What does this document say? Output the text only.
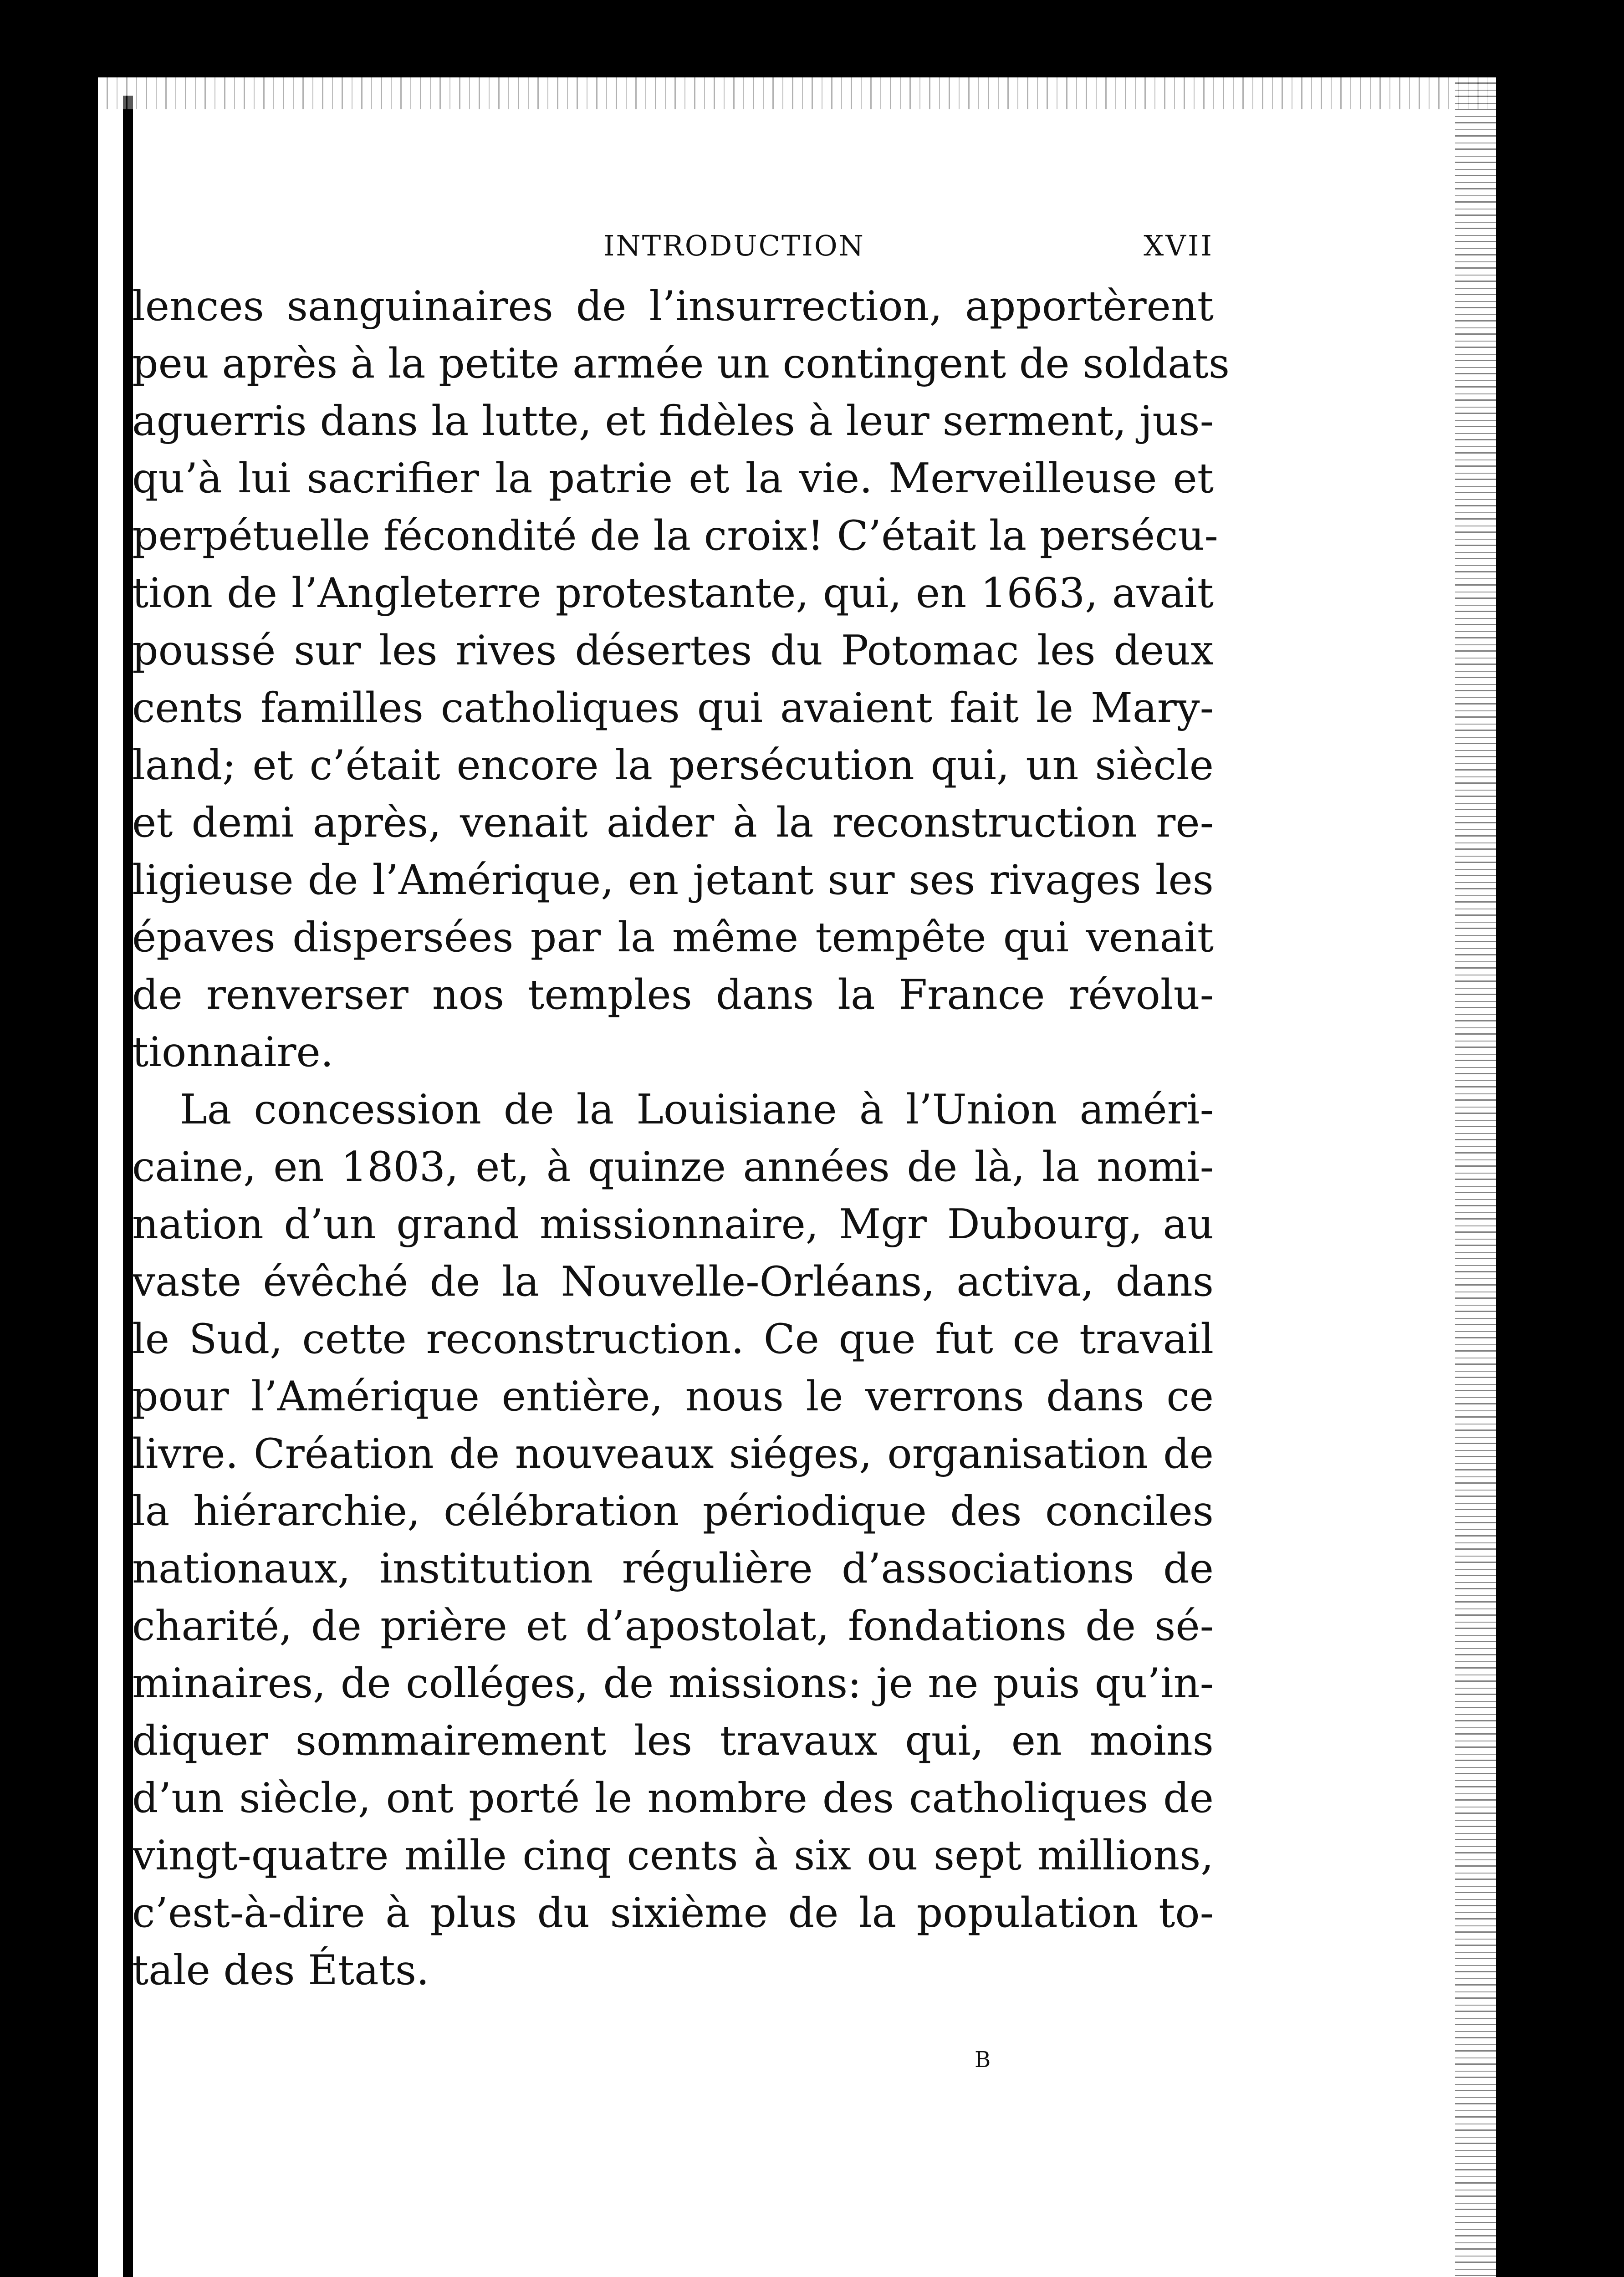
INTRODUCTION	XVII
lences sanguinaires de l’insurrection, apportèrent
peu après à la petite armée un contingent de soldats
aguerris dans la lutte, et fidèles à leur serment, jus-
qu’à lui sacrifier la patrie et la vie. Merveilleuse et
perpétuelle fécondité de la croix! C’était la persécu-
tion de l’Angleterre protestante, qui, en 1663, avait
poussé sur les rives désertes du Potomac les deux
cents familles catholiques qui avaient fait le Mary-
land; et c’était encore la persécution qui, un siècle
et demi après, venait aider à la reconstruction re-
ligieuse de l’Amérique, en jetant sur ses rivages les
épaves dispersées par la même tempête qui venait
de renverser nos temples dans la France révolu-
tionnaire.
La concession de la Louisiane à l’Union améri-
caine, en 1803, et, à quinze années de là, la nomi-
nation d’un grand missionnaire, Mgr Dubourg, au
vaste évêché de la Nouvelle-Orléans, activa, dans
le Sud, cette reconstruction. Ce que fut ce travail
pour l’Amérique entière, nous le verrons dans ce
livre. Création de nouveaux siéges, organisation de
la hiérarchie, célébration périodique des conciles
nationaux, institution régulière d’associations de
charité, de prière et d’apostolat, fondations de sé-
minaires, de colléges, de missions: je ne puis qu’in-
diquer sommairement les travaux qui, en moins
d’un siècle, ont porté le nombre des catholiques de
vingt-quatre mille cinq cents à six ou sept millions,
c’est-à-dire à plus du sixième de la population to-
tale des États.
B
